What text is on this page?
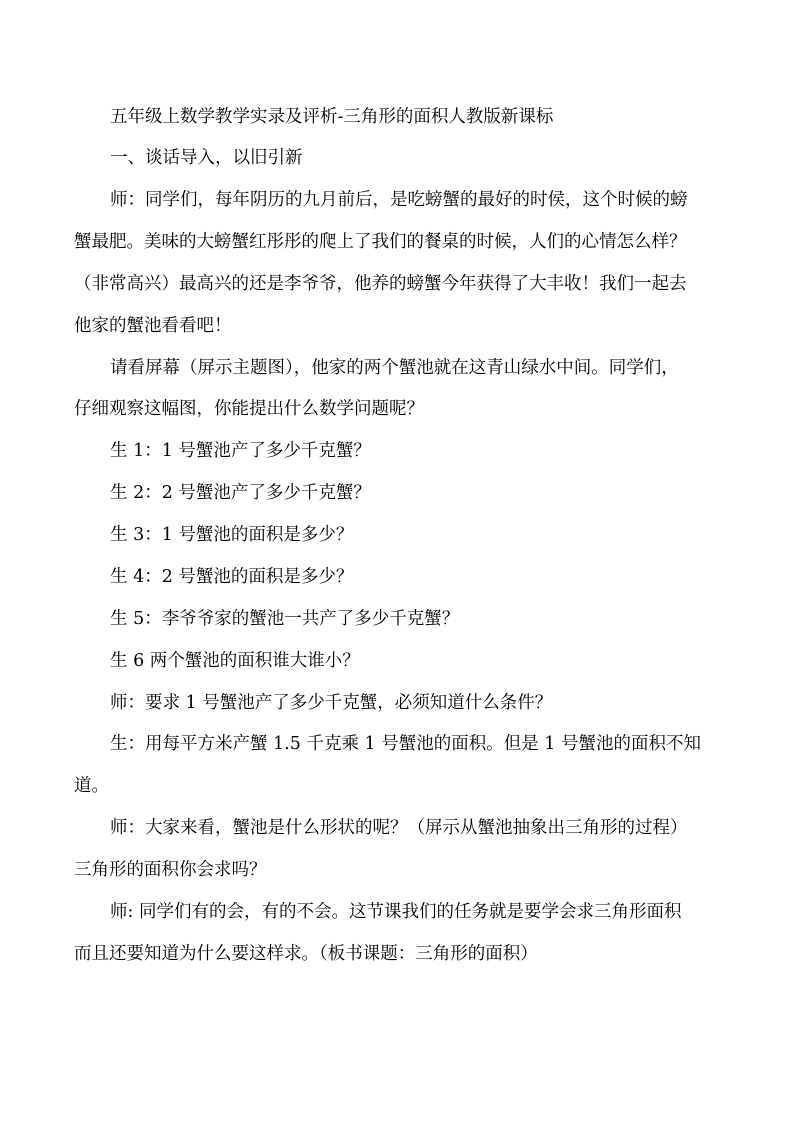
五年级上数学教学实录及评析-三角形的面积人教版新课标
一、谈话导入，以旧引新
师：同学们，每年阴历的九月前后，是吃螃蟹的最好的时侯，这个时候的螃
蟹最肥。美味的大螃蟹红彤彤的爬上了我们的餐桌的时候，人们的心情怎么样？
（非常高兴）最高兴的还是李爷爷，他养的螃蟹今年获得了大丰收！我们一起去
他家的蟹池看看吧！
请看屏幕（屏示主题图），他家的两个蟹池就在这青山绿水中间。同学们，
仔细观察这幅图，你能提出什么数学问题呢？
生 1：1 号蟹池产了多少千克蟹？
生 2：2 号蟹池产了多少千克蟹？
生 3：1 号蟹池的面积是多少？
生 4：2 号蟹池的面积是多少？
生 5：李爷爷家的蟹池一共产了多少千克蟹？
生 6 两个蟹池的面积谁大谁小？
师：要求 1 号蟹池产了多少千克蟹，必须知道什么条件？
生：用每平方米产蟹 1.5 千克乘 1 号蟹池的面积。但是 1 号蟹池的面积不知
道。
师：大家来看，蟹池是什么形状的呢？（屏示从蟹池抽象出三角形的过程）
三角形的面积你会求吗？
师: 同学们有的会，有的不会。这节课我们的任务就是要学会求三角形面积
而且还要知道为什么要这样求。（板书课题：三角形的面积）
